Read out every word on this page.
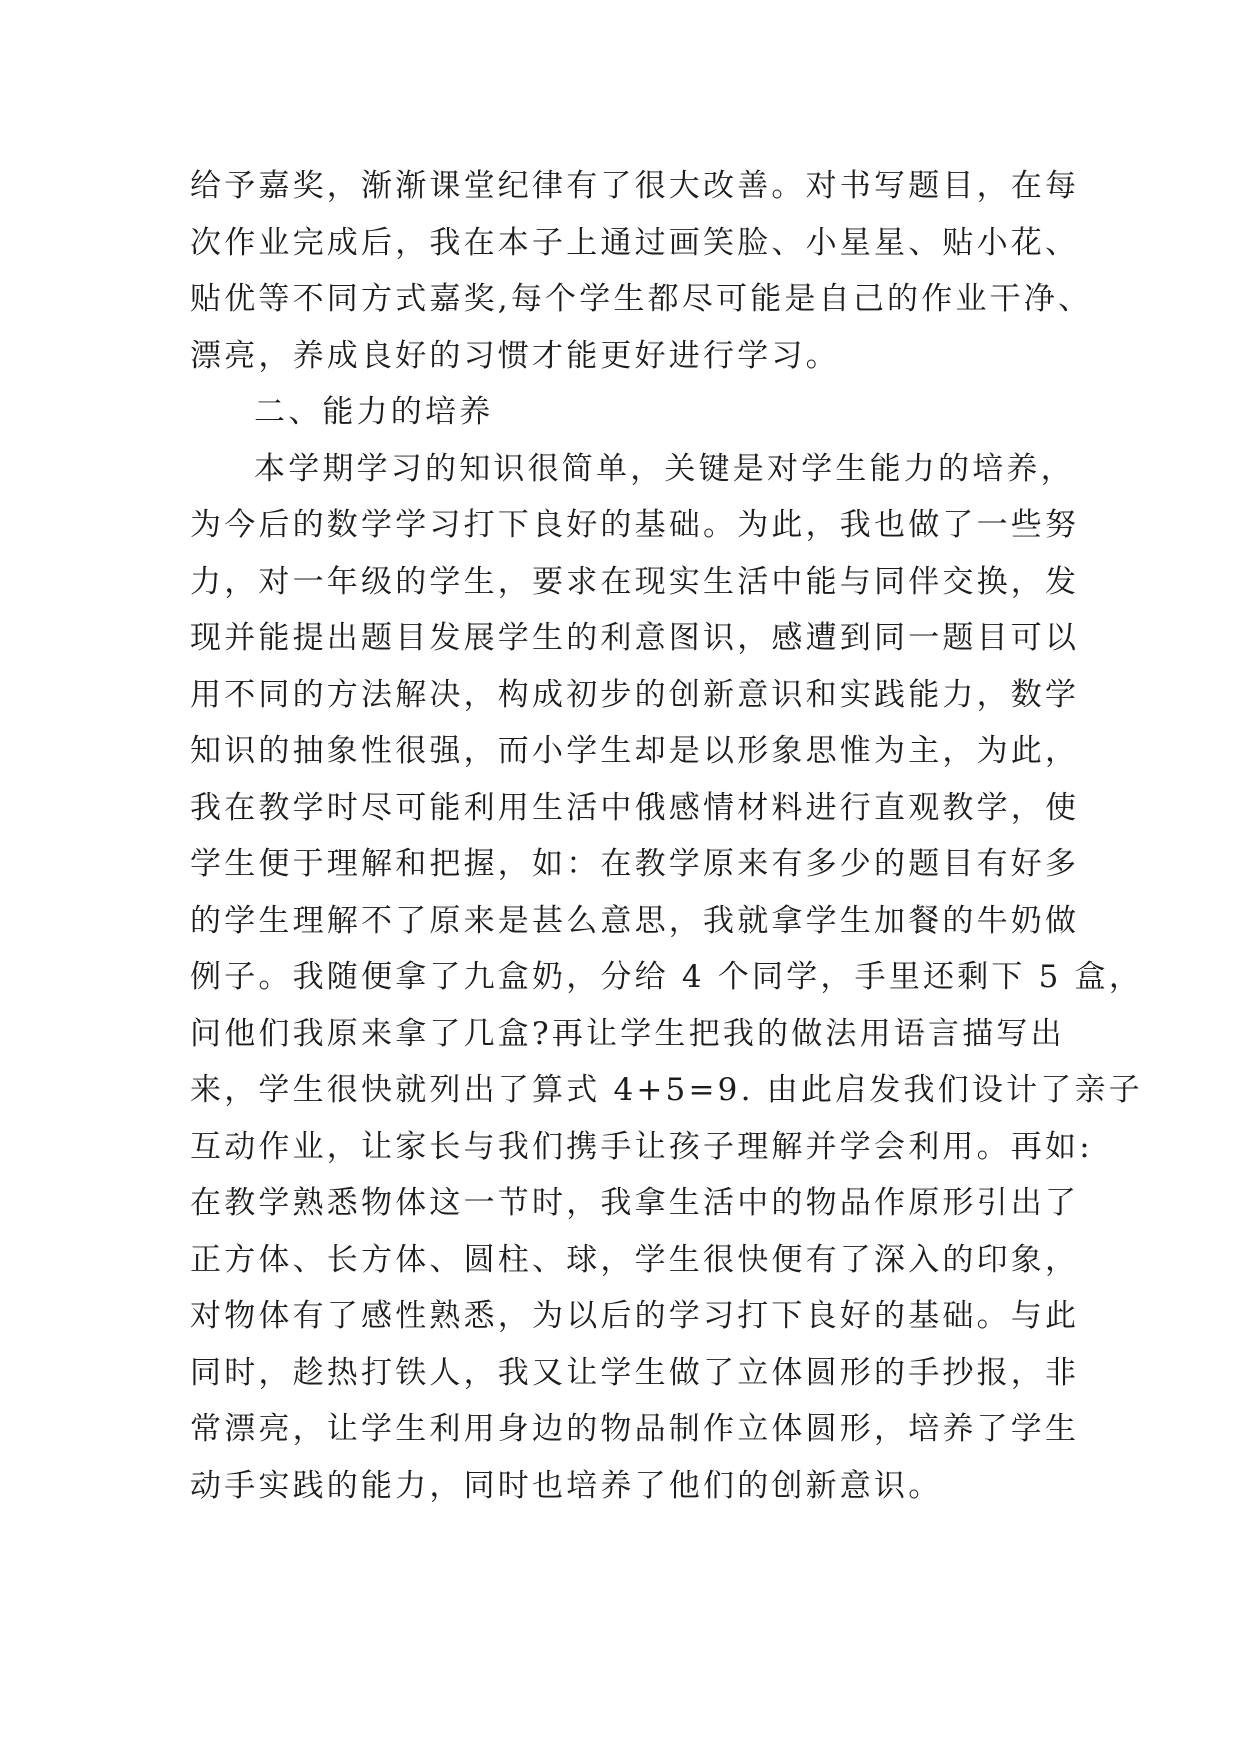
给予嘉奖，渐渐课堂纪律有了很大改善。对书写题目，在每
次作业完成后，我在本子上通过画笑脸、小星星、贴小花、
贴优等不同方式嘉奖,每个学生都尽可能是自己的作业干净、
漂亮，养成良好的习惯才能更好进行学习。
二、能力的培养
本学期学习的知识很简单，关键是对学生能力的培养，
为今后的数学学习打下良好的基础。为此，我也做了一些努
力，对一年级的学生，要求在现实生活中能与同伴交换，发
现并能提出题目发展学生的利意图识，感遭到同一题目可以
用不同的方法解决，构成初步的创新意识和实践能力，数学
知识的抽象性很强，而小学生却是以形象思惟为主，为此，
我在教学时尽可能利用生活中俄感情材料进行直观教学，使
学生便于理解和把握，如：在教学原来有多少的题目有好多
的学生理解不了原来是甚么意思，我就拿学生加餐的牛奶做
例子。我随便拿了九盒奶，分给 4 个同学，手里还剩下 5 盒，
问他们我原来拿了几盒?再让学生把我的做法用语言描写出
来，学生很快就列出了算式 4+5=9. 由此启发我们设计了亲子
互动作业，让家长与我们携手让孩子理解并学会利用。再如:
在教学熟悉物体这一节时，我拿生活中的物品作原形引出了
正方体、长方体、圆柱、球，学生很快便有了深入的印象，
对物体有了感性熟悉，为以后的学习打下良好的基础。与此
同时，趁热打铁人，我又让学生做了立体圆形的手抄报，非
常漂亮，让学生利用身边的物品制作立体圆形，培养了学生
动手实践的能力，同时也培养了他们的创新意识。
